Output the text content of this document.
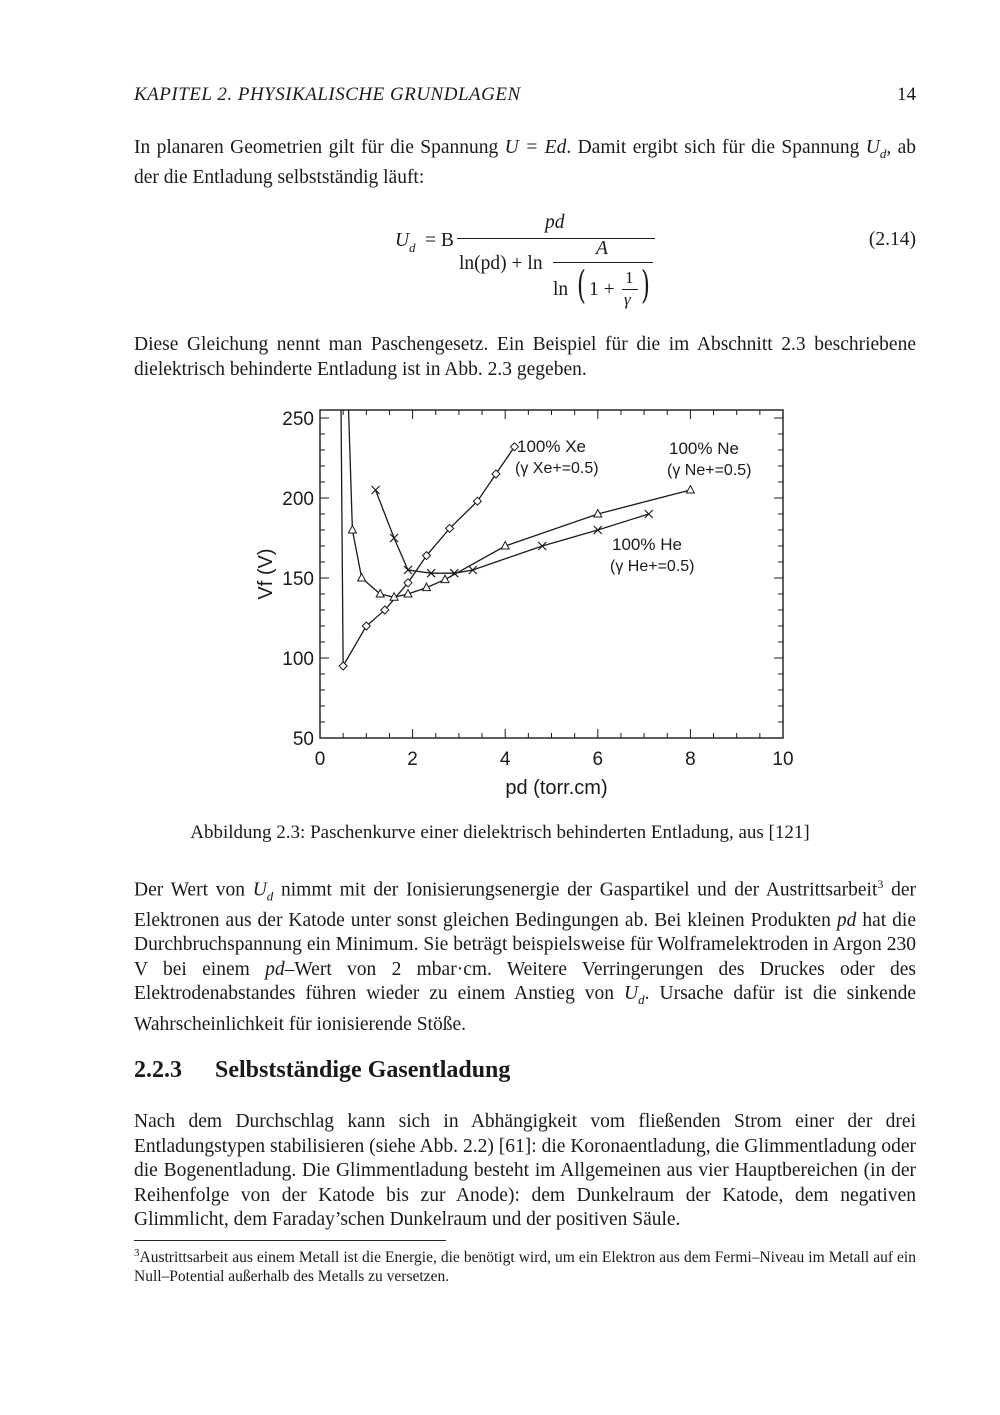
KAPITEL 2. PHYSIKALISCHE GRUNDLAGEN	14

In planaren Geometrien gilt für die Spannung U = Ed. Damit ergibt sich für die Spannung $U_d$, ab der die Entladung selbstständig läuft:

U d = B
pd
ln(pd) + ln
A
ln ( 1 +
1
γ )
(2.14)

Diese Gleichung nennt man Paschengesetz. Ein Beispiel für die im Abschnitt 2.3 beschriebene dielektrisch behinderte Entladung ist in Abb. 2.3 gegeben.

0	2	4	6	8	10
50
100
150
200
250
pd (torr.cm)
Vf (V)
100% Xe
(γ Xe+=0.5)
100% Ne
(γ Ne+=0.5)
100% He
(γ He+=0.5)
Abbildung 2.3: Paschenkurve einer dielektrisch behinderten Entladung, aus [121]

Der Wert von $U_d$ nimmt mit der Ionisierungsenergie der Gaspartikel und der Austrittsarbeit$^3$ der Elektronen aus der Katode unter sonst gleichen Bedingungen ab. Bei kleinen Produkten pd hat die Durchbruchspannung ein Minimum. Sie beträgt beispielsweise für Wolframelektroden in Argon 230 V bei einem pd–Wert von 2 mbar·cm. Weitere Verringerungen des Druckes oder des Elektrodenabstandes führen wieder zu einem Anstieg von $U_d$. Ursache dafür ist die sinkende Wahrscheinlichkeit für ionisierende Stöße.

2.2.3 Selbstständige Gasentladung

Nach dem Durchschlag kann sich in Abhängigkeit vom fließenden Strom einer der drei Entladungstypen stabilisieren (siehe Abb. 2.2) [61]: die Koronaentladung, die Glimmentladung oder die Bogenentladung. Die Glimmentladung besteht im Allgemeinen aus vier Hauptbereichen (in der Reihenfolge von der Katode bis zur Anode): dem Dunkelraum der Katode, dem negativen Glimmlicht, dem Faraday’schen Dunkelraum und der positiven Säule.

$^3$Austrittsarbeit aus einem Metall ist die Energie, die benötigt wird, um ein Elektron aus dem Fermi–Niveau im Metall auf ein Null–Potential außerhalb des Metalls zu versetzen.
